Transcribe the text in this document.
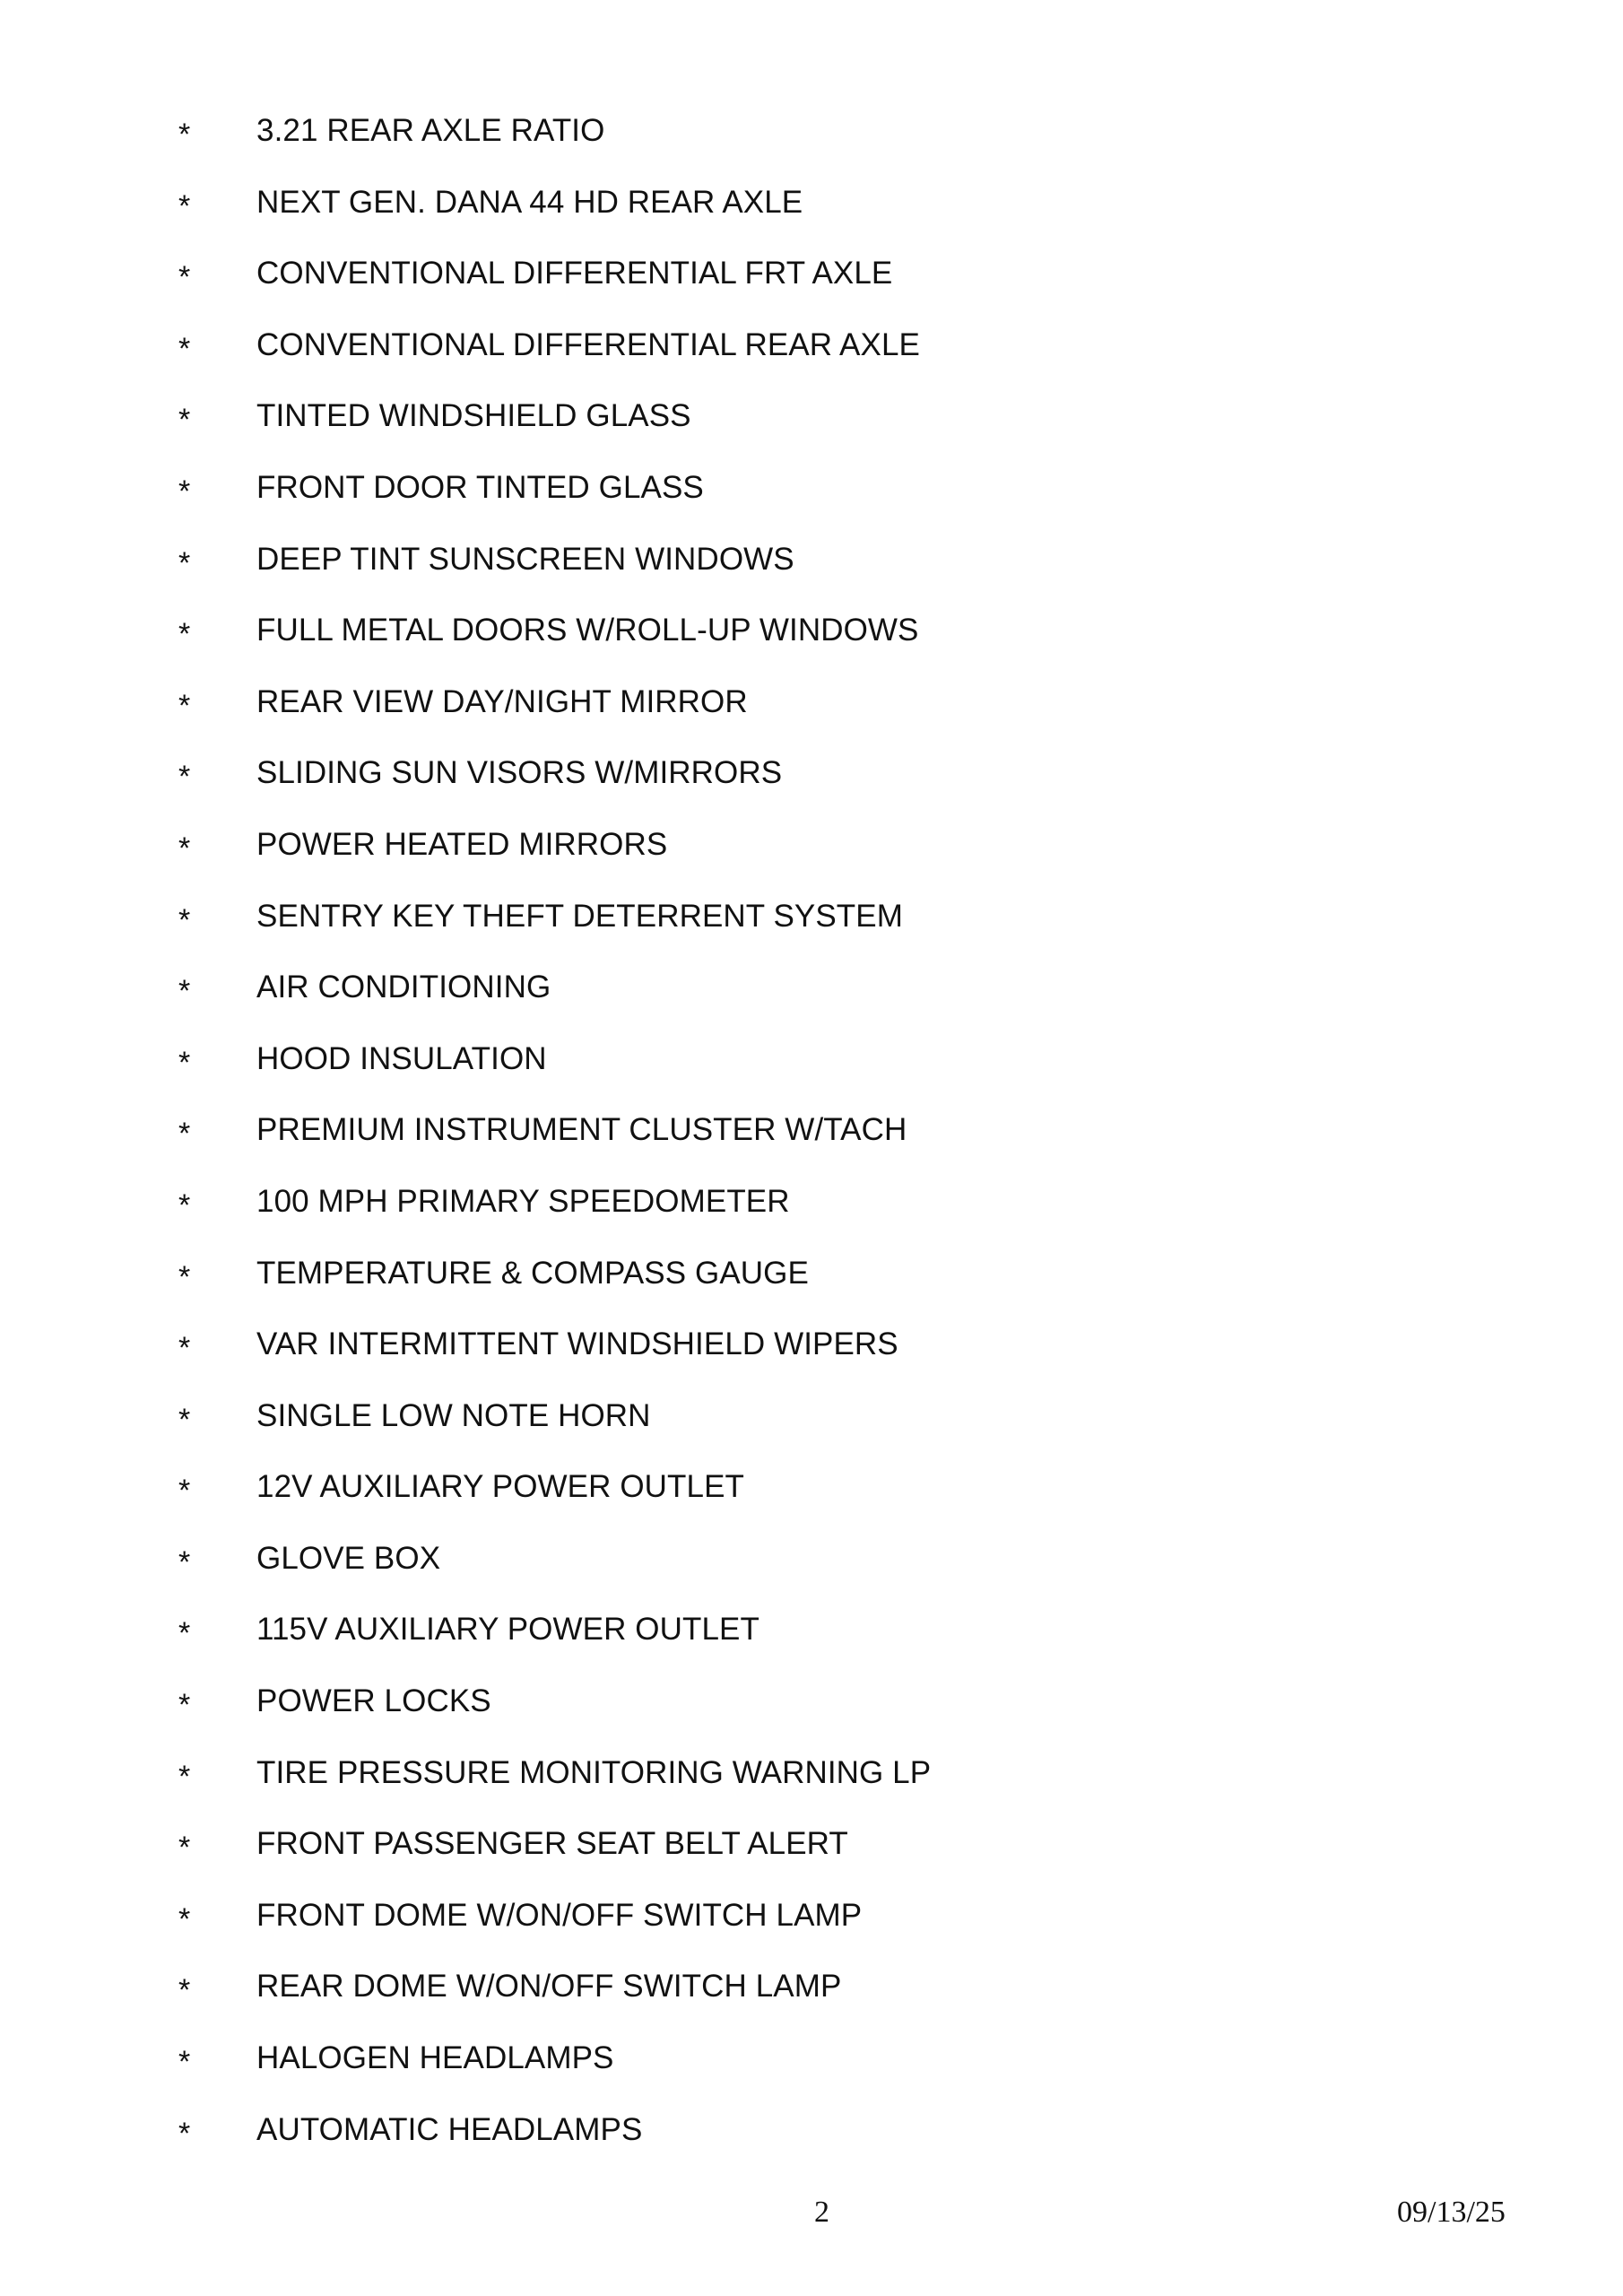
* 3.21 REAR AXLE RATIO
* NEXT GEN. DANA 44 HD REAR AXLE
* CONVENTIONAL DIFFERENTIAL FRT AXLE
* CONVENTIONAL DIFFERENTIAL REAR AXLE
* TINTED WINDSHIELD GLASS
* FRONT DOOR TINTED GLASS
* DEEP TINT SUNSCREEN WINDOWS
* FULL METAL DOORS W/ROLL-UP WINDOWS
* REAR VIEW DAY/NIGHT MIRROR
* SLIDING SUN VISORS W/MIRRORS
* POWER HEATED MIRRORS
* SENTRY KEY THEFT DETERRENT SYSTEM
* AIR CONDITIONING
* HOOD INSULATION
* PREMIUM INSTRUMENT CLUSTER W/TACH
* 100 MPH PRIMARY SPEEDOMETER
* TEMPERATURE & COMPASS GAUGE
* VAR INTERMITTENT WINDSHIELD WIPERS
* SINGLE LOW NOTE HORN
* 12V AUXILIARY POWER OUTLET
* GLOVE BOX
* 115V AUXILIARY POWER OUTLET
* POWER LOCKS
* TIRE PRESSURE MONITORING WARNING LP
* FRONT PASSENGER SEAT BELT ALERT
* FRONT DOME W/ON/OFF SWITCH LAMP
* REAR DOME W/ON/OFF SWITCH LAMP
* HALOGEN HEADLAMPS
* AUTOMATIC HEADLAMPS
2	09/13/25
